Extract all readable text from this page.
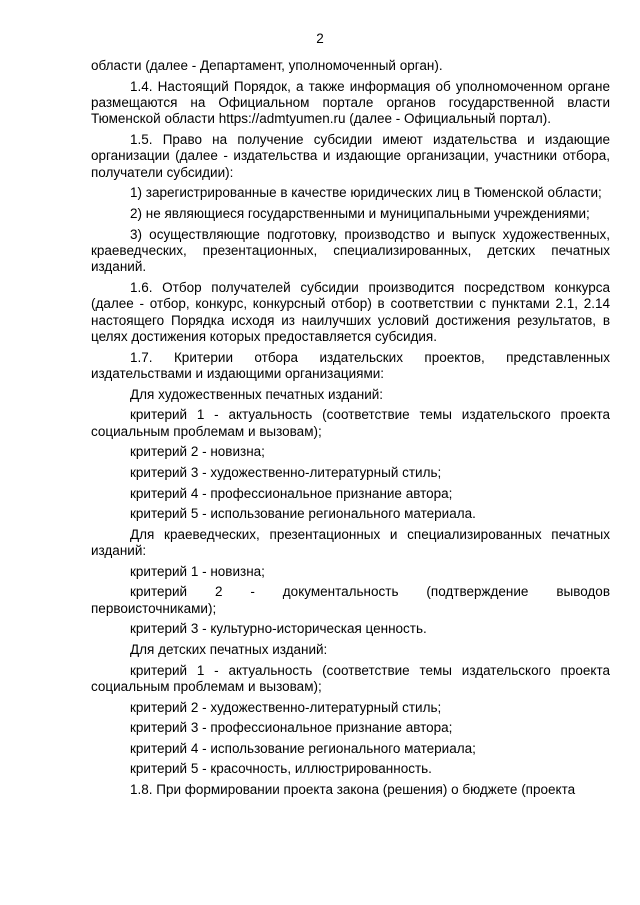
2

области (далее - Департамент, уполномоченный орган).

1.4. Настоящий Порядок, а также информация об уполномоченном органе размещаются на Официальном портале органов государственной власти Тюменской области https://admtyumen.ru (далее - Официальный портал).

1.5. Право на получение субсидии имеют издательства и издающие организации (далее - издательства и издающие организации, участники отбора, получатели субсидии):

1) зарегистрированные в качестве юридических лиц в Тюменской области;

2) не являющиеся государственными и муниципальными учреждениями;

3) осуществляющие подготовку, производство и выпуск художественных, краеведческих, презентационных, специализированных, детских печатных изданий.

1.6. Отбор получателей субсидии производится посредством конкурса (далее - отбор, конкурс, конкурсный отбор) в соответствии с пунктами 2.1, 2.14 настоящего Порядка исходя из наилучших условий достижения результатов, в целях достижения которых предоставляется субсидия.

1.7. Критерии отбора издательских проектов, представленных издательствами и издающими организациями:

Для художественных печатных изданий:

критерий 1 - актуальность (соответствие темы издательского проекта социальным проблемам и вызовам);

критерий 2 - новизна;

критерий 3 - художественно-литературный стиль;

критерий 4 - профессиональное признание автора;

критерий 5 - использование регионального материала.

Для краеведческих, презентационных и специализированных печатных изданий:

критерий 1 - новизна;

критерий 2 - документальность (подтверждение выводов первоисточниками);

критерий 3 - культурно-историческая ценность.

Для детских печатных изданий:

критерий 1 - актуальность (соответствие темы издательского проекта социальным проблемам и вызовам);

критерий 2 - художественно-литературный стиль;

критерий 3 - профессиональное признание автора;

критерий 4 - использование регионального материала;

критерий 5 - красочность, иллюстрированность.

1.8. При формировании проекта закона (решения) о бюджете (проекта
